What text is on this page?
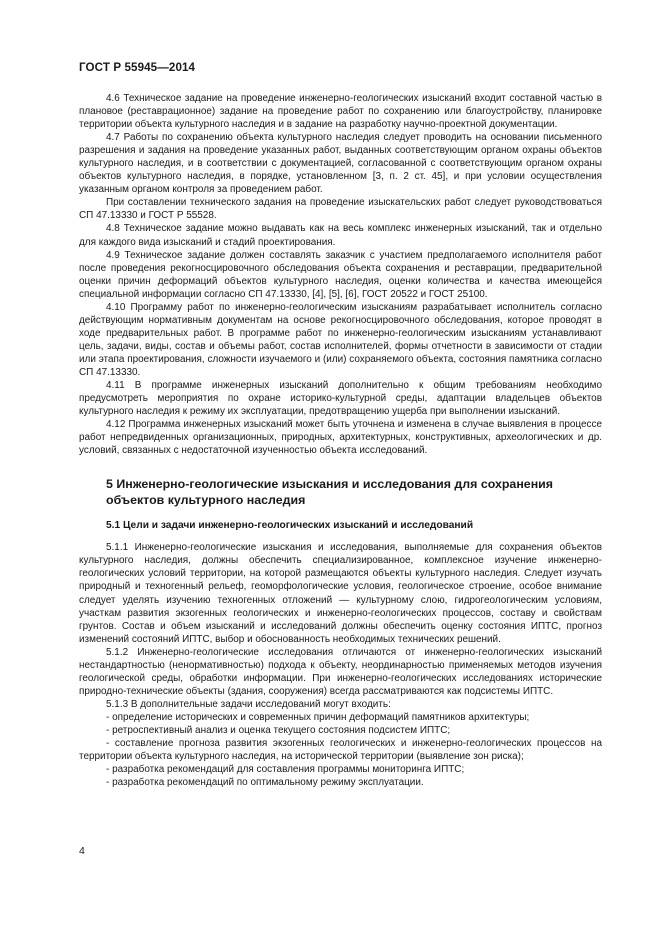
ГОСТ Р 55945—2014

4.6 Техническое задание на проведение инженерно-геологических изысканий входит составной частью в плановое (реставрационное) задание на проведение работ по сохранению или благоустройству, планировке территории объекта культурного наследия и в задание на разработку научно-проектной документации.

4.7 Работы по сохранению объекта культурного наследия следует проводить на основании письменного разрешения и задания на проведение указанных работ, выданных соответствующим органом охраны объектов культурного наследия, и в соответствии с документацией, согласованной с соответствующим органом охраны объектов культурного наследия, в порядке, установленном [3, п. 2 ст. 45], и при условии осуществления указанным органом контроля за проведением работ.

При составлении технического задания на проведение изыскательских работ следует руководствоваться СП 47.13330 и ГОСТ Р 55528.

4.8 Техническое задание можно выдавать как на весь комплекс инженерных изысканий, так и отдельно для каждого вида изысканий и стадий проектирования.

4.9 Техническое задание должен составлять заказчик с участием предполагаемого исполнителя работ после проведения рекогносцировочного обследования объекта сохранения и реставрации, предварительной оценки причин деформаций объектов культурного наследия, оценки количества и качества имеющейся специальной информации согласно СП 47.13330, [4], [5], [6], ГОСТ 20522 и ГОСТ 25100.

4.10 Программу работ по инженерно-геологическим изысканиям разрабатывает исполнитель согласно действующим нормативным документам на основе рекогносцировочного обследования, которое проводят в ходе предварительных работ. В программе работ по инженерно-геологическим изысканиям устанавливают цель, задачи, виды, состав и объемы работ, состав исполнителей, формы отчетности в зависимости от стадии или этапа проектирования, сложности изучаемого и (или) сохраняемого объекта, состояния памятника согласно СП 47.13330.

4.11 В программе инженерных изысканий дополнительно к общим требованиям необходимо предусмотреть мероприятия по охране историко-культурной среды, адаптации владельцев объектов культурного наследия к режиму их эксплуатации, предотвращению ущерба при выполнении изысканий.

4.12 Программа инженерных изысканий может быть уточнена и изменена в случае выявления в процессе работ непредвиденных организационных, природных, архитектурных, конструктивных, археологических и др. условий, связанных с недостаточной изученностью объекта исследований.

5 Инженерно-геологические изыскания и исследования для сохранения объектов культурного наследия
5.1 Цели и задачи инженерно-геологических изысканий и исследований

5.1.1 Инженерно-геологические изыскания и исследования, выполняемые для сохранения объектов культурного наследия, должны обеспечить специализированное, комплексное изучение инженерно-геологических условий территории, на которой размещаются объекты культурного наследия. Следует изучать природный и техногенный рельеф, геоморфологические условия, геологическое строение, особое внимание следует уделять изучению техногенных отложений — культурному слою, гидрогеологическим условиям, участкам развития экзогенных геологических и инженерно-геологических процессов, составу и свойствам грунтов. Состав и объем изысканий и исследований должны обеспечить оценку состояния ИПТС, прогноз изменений состояний ИПТС, выбор и обоснованность необходимых технических решений.

5.1.2 Инженерно-геологические исследования отличаются от инженерно-геологических изысканий нестандартностью (ненормативностью) подхода к объекту, неординарностью применяемых методов изучения геологической среды, обработки информации. При инженерно-геологических исследованиях исторические природно-технические объекты (здания, сооружения) всегда рассматриваются как подсистемы ИПТС.

5.1.3 В дополнительные задачи исследований могут входить:

- определение исторических и современных причин деформаций памятников архитектуры;
- ретроспективный анализ и оценка текущего состояния подсистем ИПТС;
- составление прогноза развития экзогенных геологических и инженерно-геологических процессов на территории объекта культурного наследия, на исторической территории (выявление зон риска);
- разработка рекомендаций для составления программы мониторинга ИПТС;
- разработка рекомендаций по оптимальному режиму эксплуатации.
4
